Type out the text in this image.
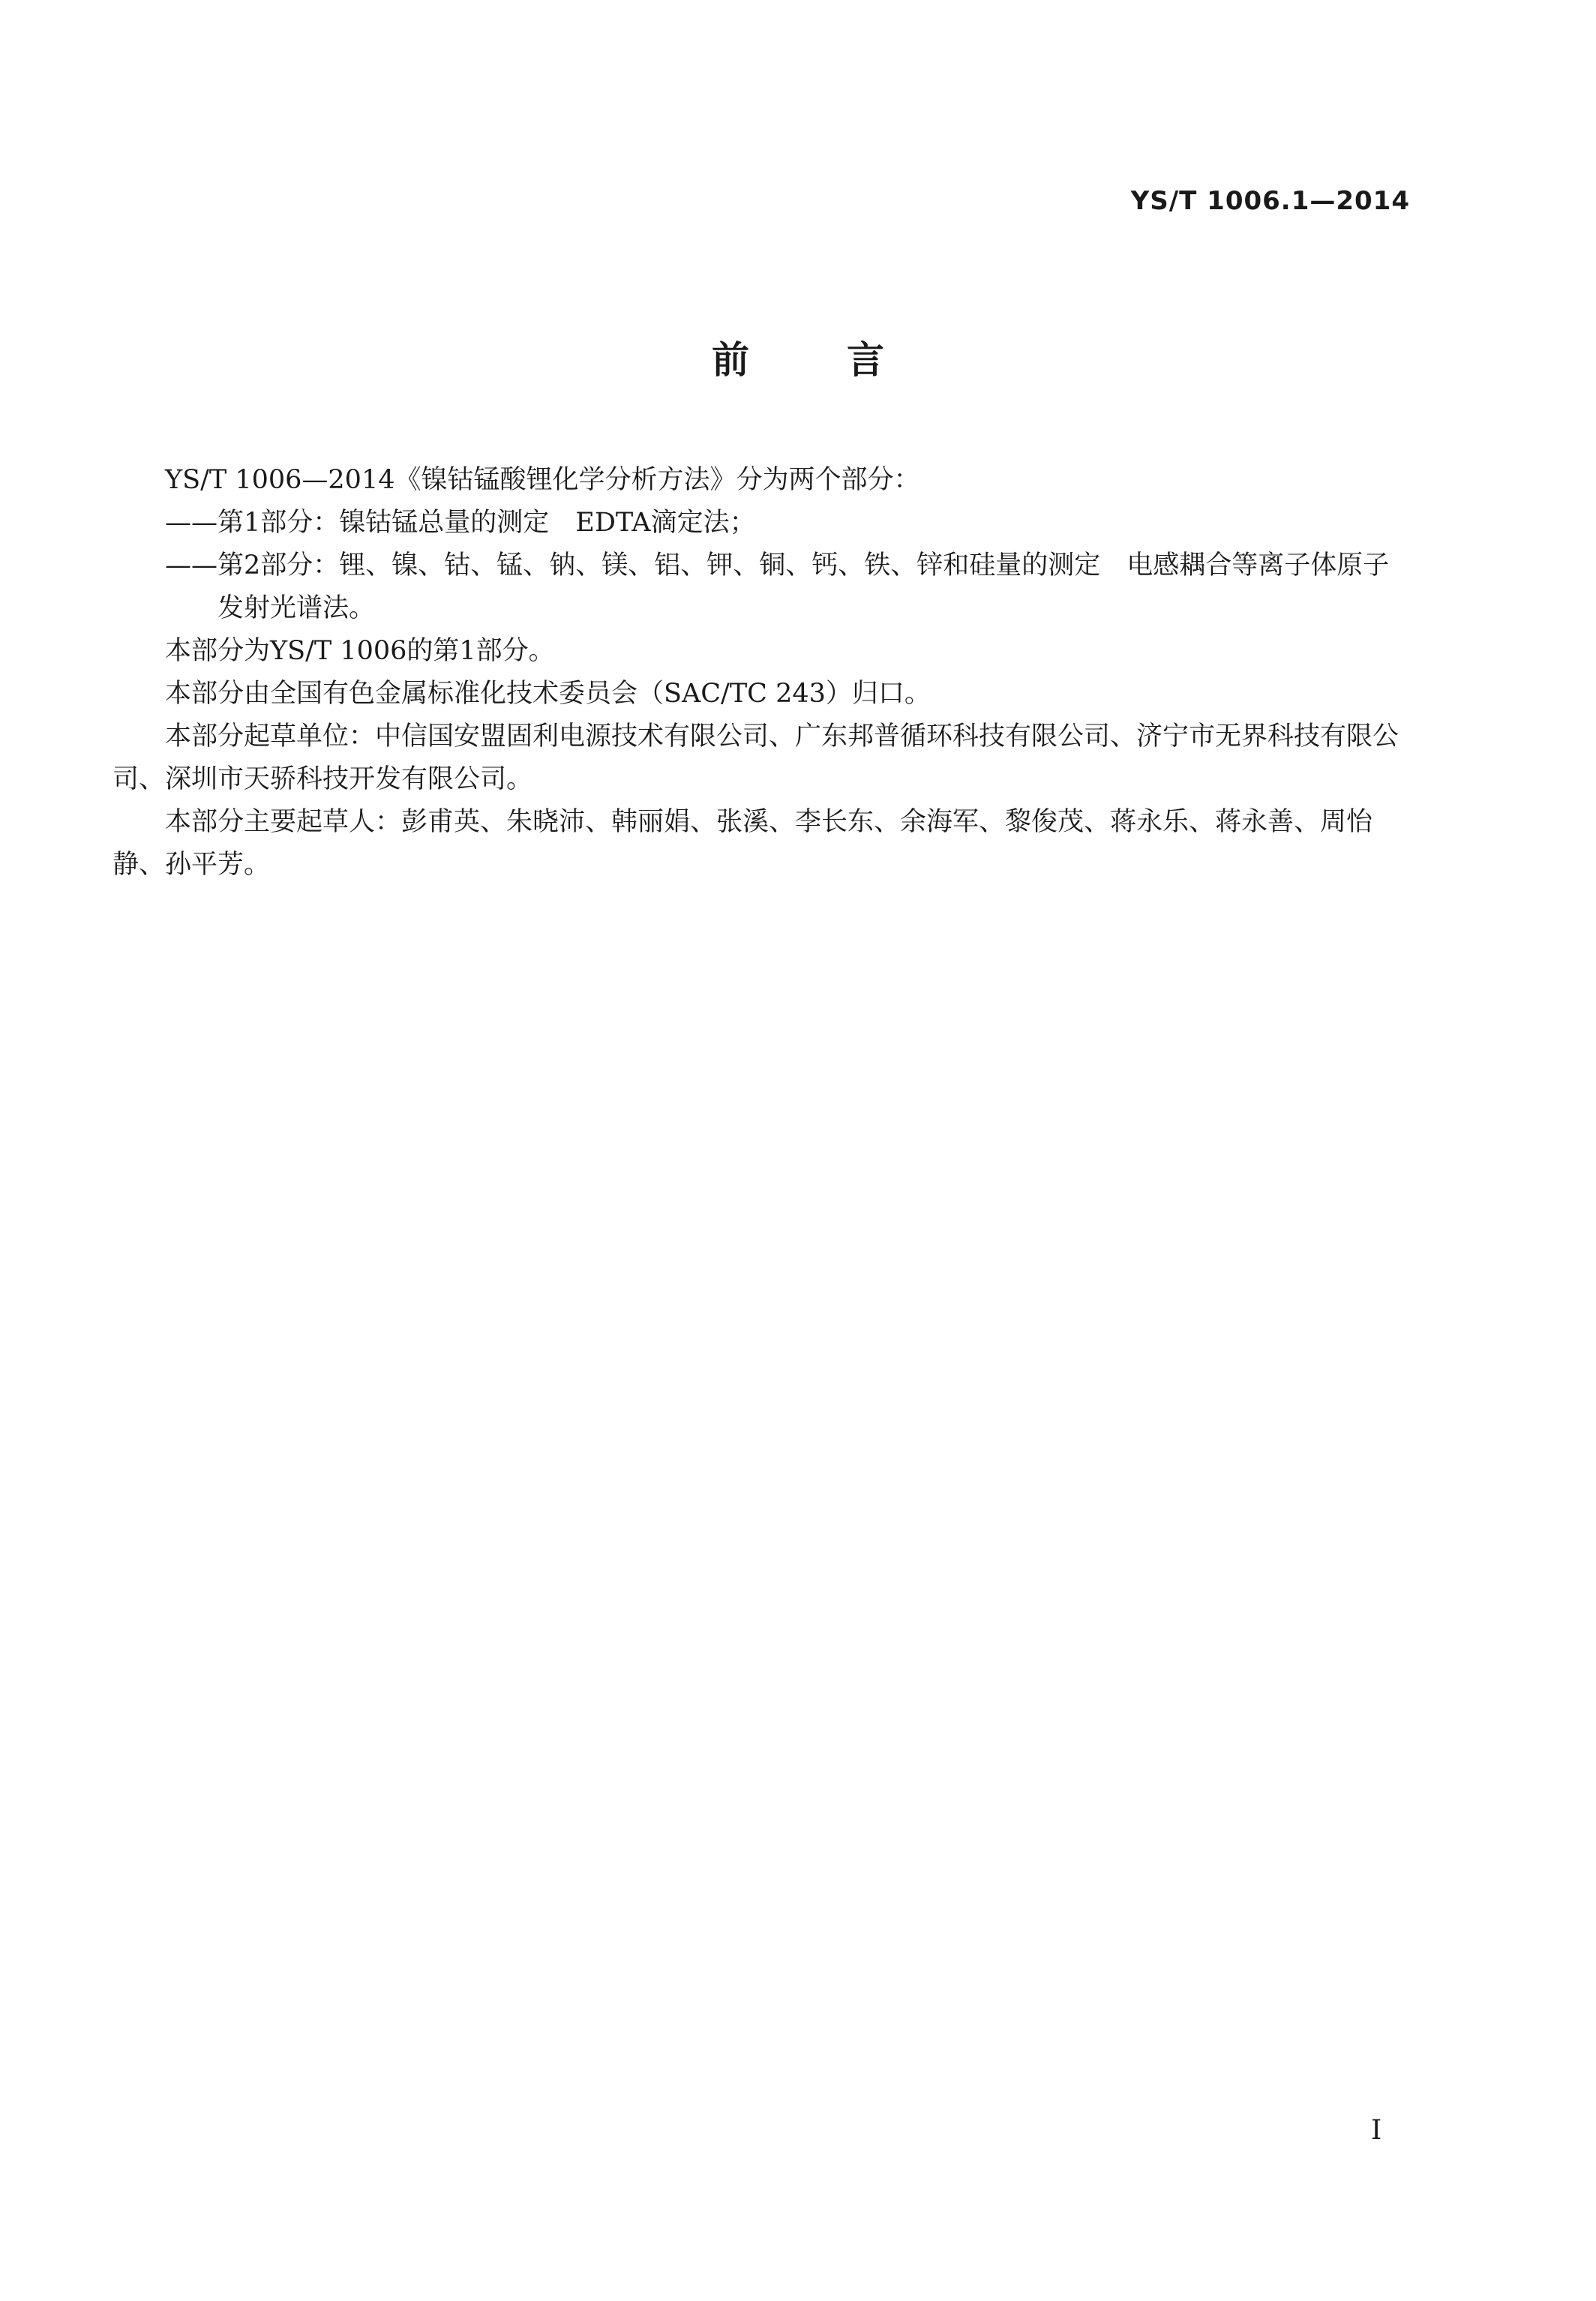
YS/T 1006.1—2014
前	言

YS/T 1006—2014《镍钴锰酸锂化学分析方法》分为两个部分：

——第1部分：镍钴锰总量的测定　EDTA滴定法；

——第2部分：锂、镍、钴、锰、钠、镁、铝、钾、铜、钙、铁、锌和硅量的测定　电感耦合等离子体原子发射光谱法。

本部分为YS/T 1006的第1部分。

本部分由全国有色金属标准化技术委员会（SAC/TC 243）归口。

本部分起草单位：中信国安盟固利电源技术有限公司、广东邦普循环科技有限公司、济宁市无界科技有限公司、深圳市天骄科技开发有限公司。

本部分主要起草人：彭甫英、朱晓沛、韩丽娟、张溪、李长东、余海军、黎俊茂、蒋永乐、蒋永善、周怡静、孙平芳。

I
